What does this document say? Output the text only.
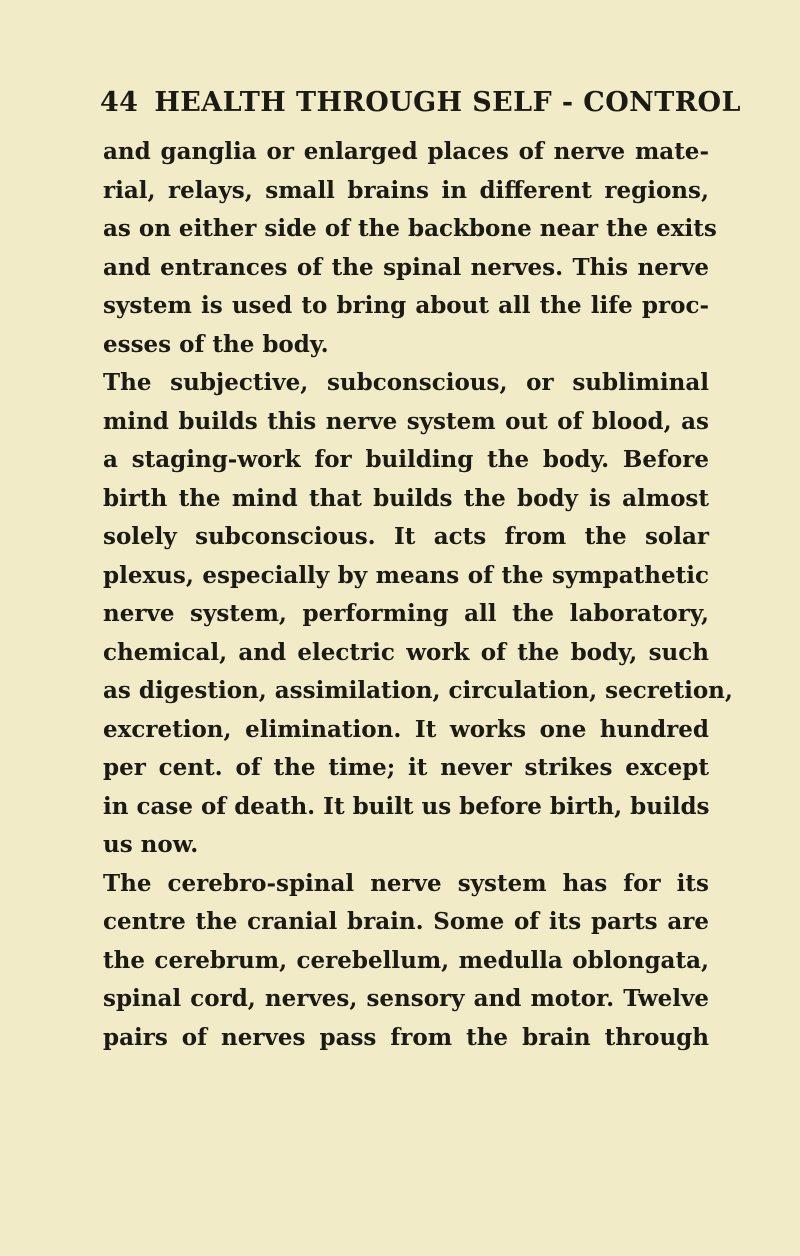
44 HEALTH THROUGH SELF - CONTROL
and ganglia or enlarged places of nerve mate-
rial, relays, small brains in different regions,
as on either side of the backbone near the exits
and entrances of the spinal nerves. This nerve
system is used to bring about all the life proc-
esses of the body.
The subjective, subconscious, or subliminal
mind builds this nerve system out of blood, as
a staging-work for building the body. Before
birth the mind that builds the body is almost
solely subconscious. It acts from the solar
plexus, especially by means of the sympathetic
nerve system, performing all the laboratory,
chemical, and electric work of the body, such
as digestion, assimilation, circulation, secretion,
excretion, elimination. It works one hundred
per cent. of the time; it never strikes except
in case of death. It built us before birth, builds
us now.
The cerebro-spinal nerve system has for its
centre the cranial brain. Some of its parts are
the cerebrum, cerebellum, medulla oblongata,
spinal cord, nerves, sensory and motor. Twelve
pairs of nerves pass from the brain through
